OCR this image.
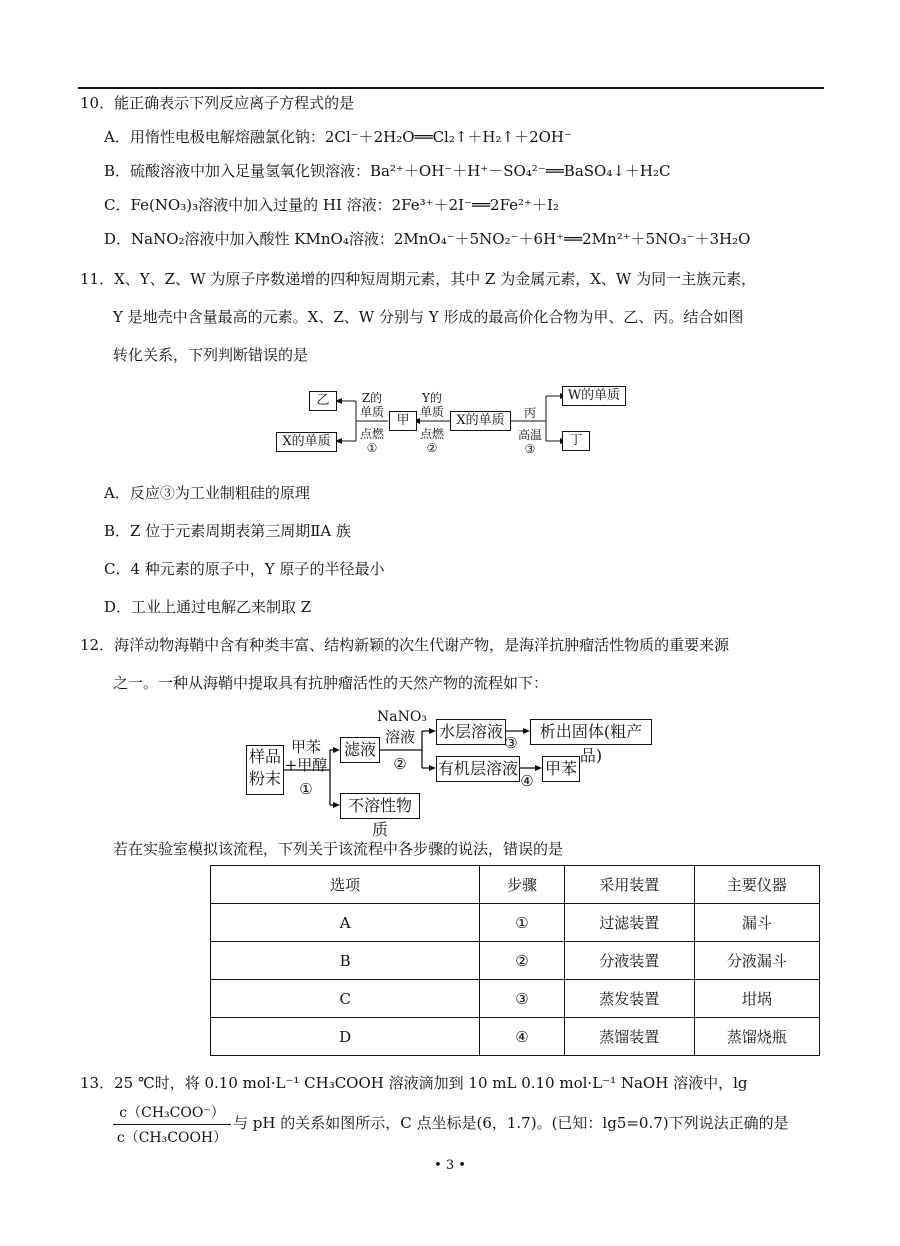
10．能正确表示下列反应离子方程式的是
A．用惰性电极电解熔融氯化钠：2Cl⁻＋2H₂O══Cl₂↑＋H₂↑＋2OH⁻
B．硫酸溶液中加入足量氢氧化钡溶液：Ba²⁺＋OH⁻＋H⁺－SO₄²⁻══BaSO₄↓＋H₂C
C．Fe(NO₃)₃溶液中加入过量的 HI 溶液：2Fe³⁺＋2I⁻══2Fe²⁺＋I₂
D．NaNO₂溶液中加入酸性 KMnO₄溶液：2MnO₄⁻＋5NO₂⁻＋6H⁺══2Mn²⁺＋5NO₃⁻＋3H₂O
11．X、Y、Z、W 为原子序数递增的四种短周期元素，其中 Z 为金属元素，X、W 为同一主族元素，
Y 是地壳中含量最高的元素。X、Z、W 分别与 Y 形成的最高价化合物为甲、乙、丙。结合如图
转化关系，下列判断错误的是
乙
X的单质
Z的
单质
点燃
①
甲
Y的
单质
点燃
②
X的单质	丙
高温
③
W的单质
丁
A．反应③为工业制粗硅的原理
B．Z 位于元素周期表第三周期ⅡA 族
C．4 种元素的原子中，Y 原子的半径最小
D．工业上通过电解乙来制取 Z
12．海洋动物海鞘中含有种类丰富、结构新颖的次生代谢产物，是海洋抗肿瘤活性物质的重要来源
之一。一种从海鞘中提取具有抗肿瘤活性的天然产物的流程如下：
样品
粉末
甲苯
+甲醇
①
滤液
NaNO₃
溶液
②
水层溶液
③
析出固体(粗产品)
有机层溶液
④
甲苯
不溶性物质
若在实验室模拟该流程，下列关于该流程中各步骤的说法，错误的是
选项	步骤	采用装置	主要仪器
A	①	过滤装置	漏斗
B	②	分液装置	分液漏斗
C	③	蒸发装置	坩埚
D	④	蒸馏装置	蒸馏烧瓶
13．25 ℃时，将 0.10 mol·L⁻¹ CH₃COOH 溶液滴加到 10 mL 0.10 mol·L⁻¹ NaOH 溶液中，lg
c（CH₃COO⁻）
c（CH₃COOH）
与 pH 的关系如图所示，C 点坐标是(6，1.7)。(已知：lg5=0.7)下列说法正确的是
• 3 •
